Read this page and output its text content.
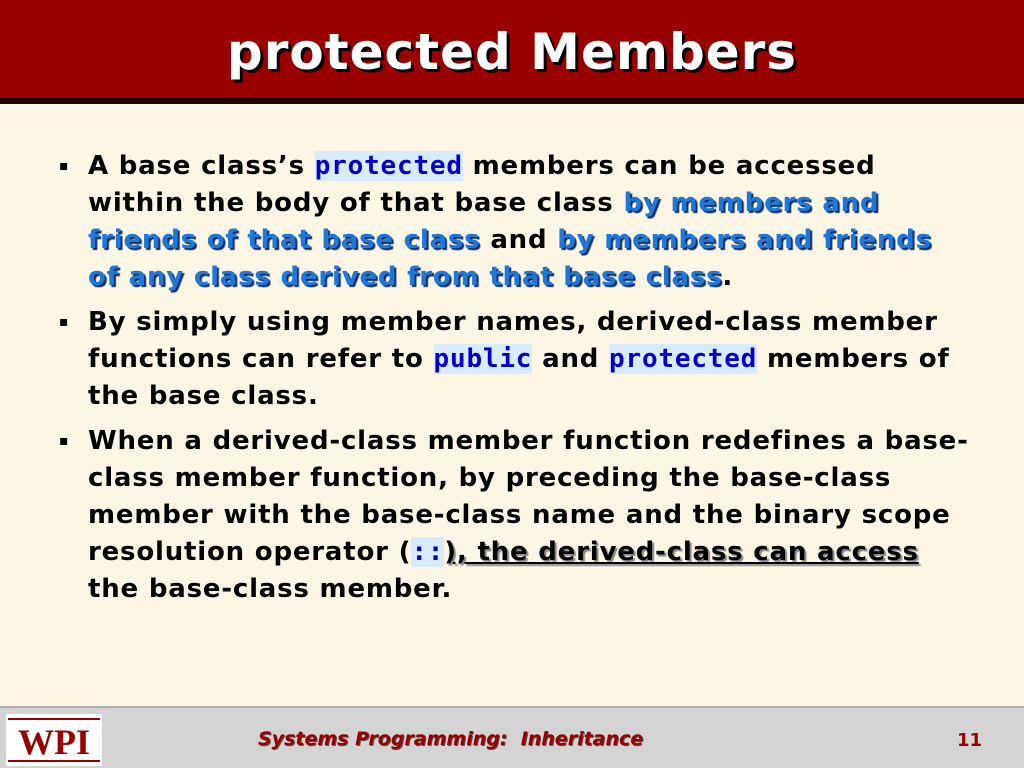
protected Members
▪ A base class’s protected members can be accessed within the body of that base class by members and friends of that base class and by members and friends of any class derived from that base class.
▪ By simply using member names, derived-class member functions can refer to public and protected members of the base class.
▪ When a derived-class member function redefines a base-class member function, by preceding the base-class member with the base-class name and the binary scope resolution operator (::), the derived-class can access the base-class member.
WPI	Systems Programming:  Inheritance	11
